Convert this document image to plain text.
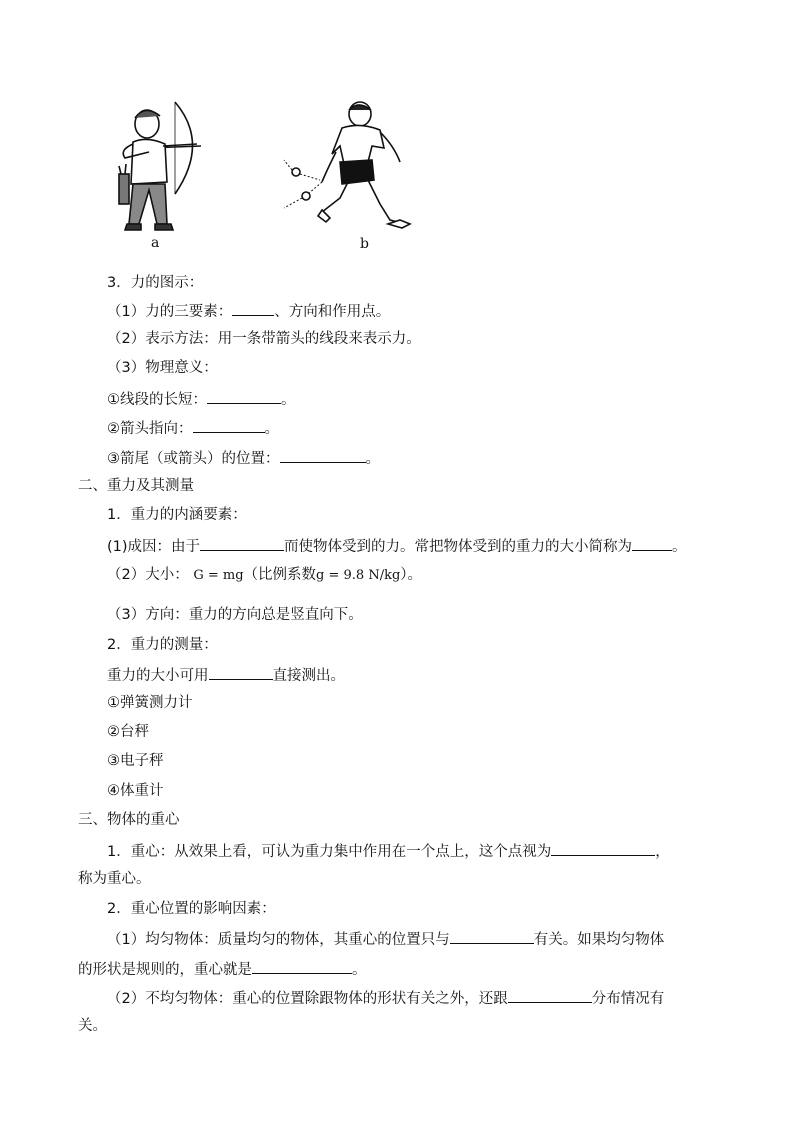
a	b
3．力的图示：
（1）力的三要素：	、方向和作用点。
（2）表示方法：用一条带箭头的线段来表示力。
（3）物理意义：
①线段的长短：	。
②箭头指向：	。
③箭尾（或箭头）的位置：	。
二、重力及其测量
1．重力的内涵要素：
(1)成因：由于	而使物体受到的力。常把物体受到的重力的大小简称为	。
（2）大小： G = mg（比例系数g = 9.8 N/kg）。
（3）方向：重力的方向总是竖直向下。
2．重力的测量：
重力的大小可用	直接测出。
①弹簧测力计
②台秤
③电子秤
④体重计
三、物体的重心
1．重心：从效果上看，可认为重力集中作用在一个点上，这个点视为	，
称为重心。
2．重心位置的影响因素：
（1）均匀物体：质量均匀的物体，其重心的位置只与	有关。如果均匀物体
的形状是规则的，重心就是	。
（2）不均匀物体：重心的位置除跟物体的形状有关之外，还跟	分布情况有
关。
